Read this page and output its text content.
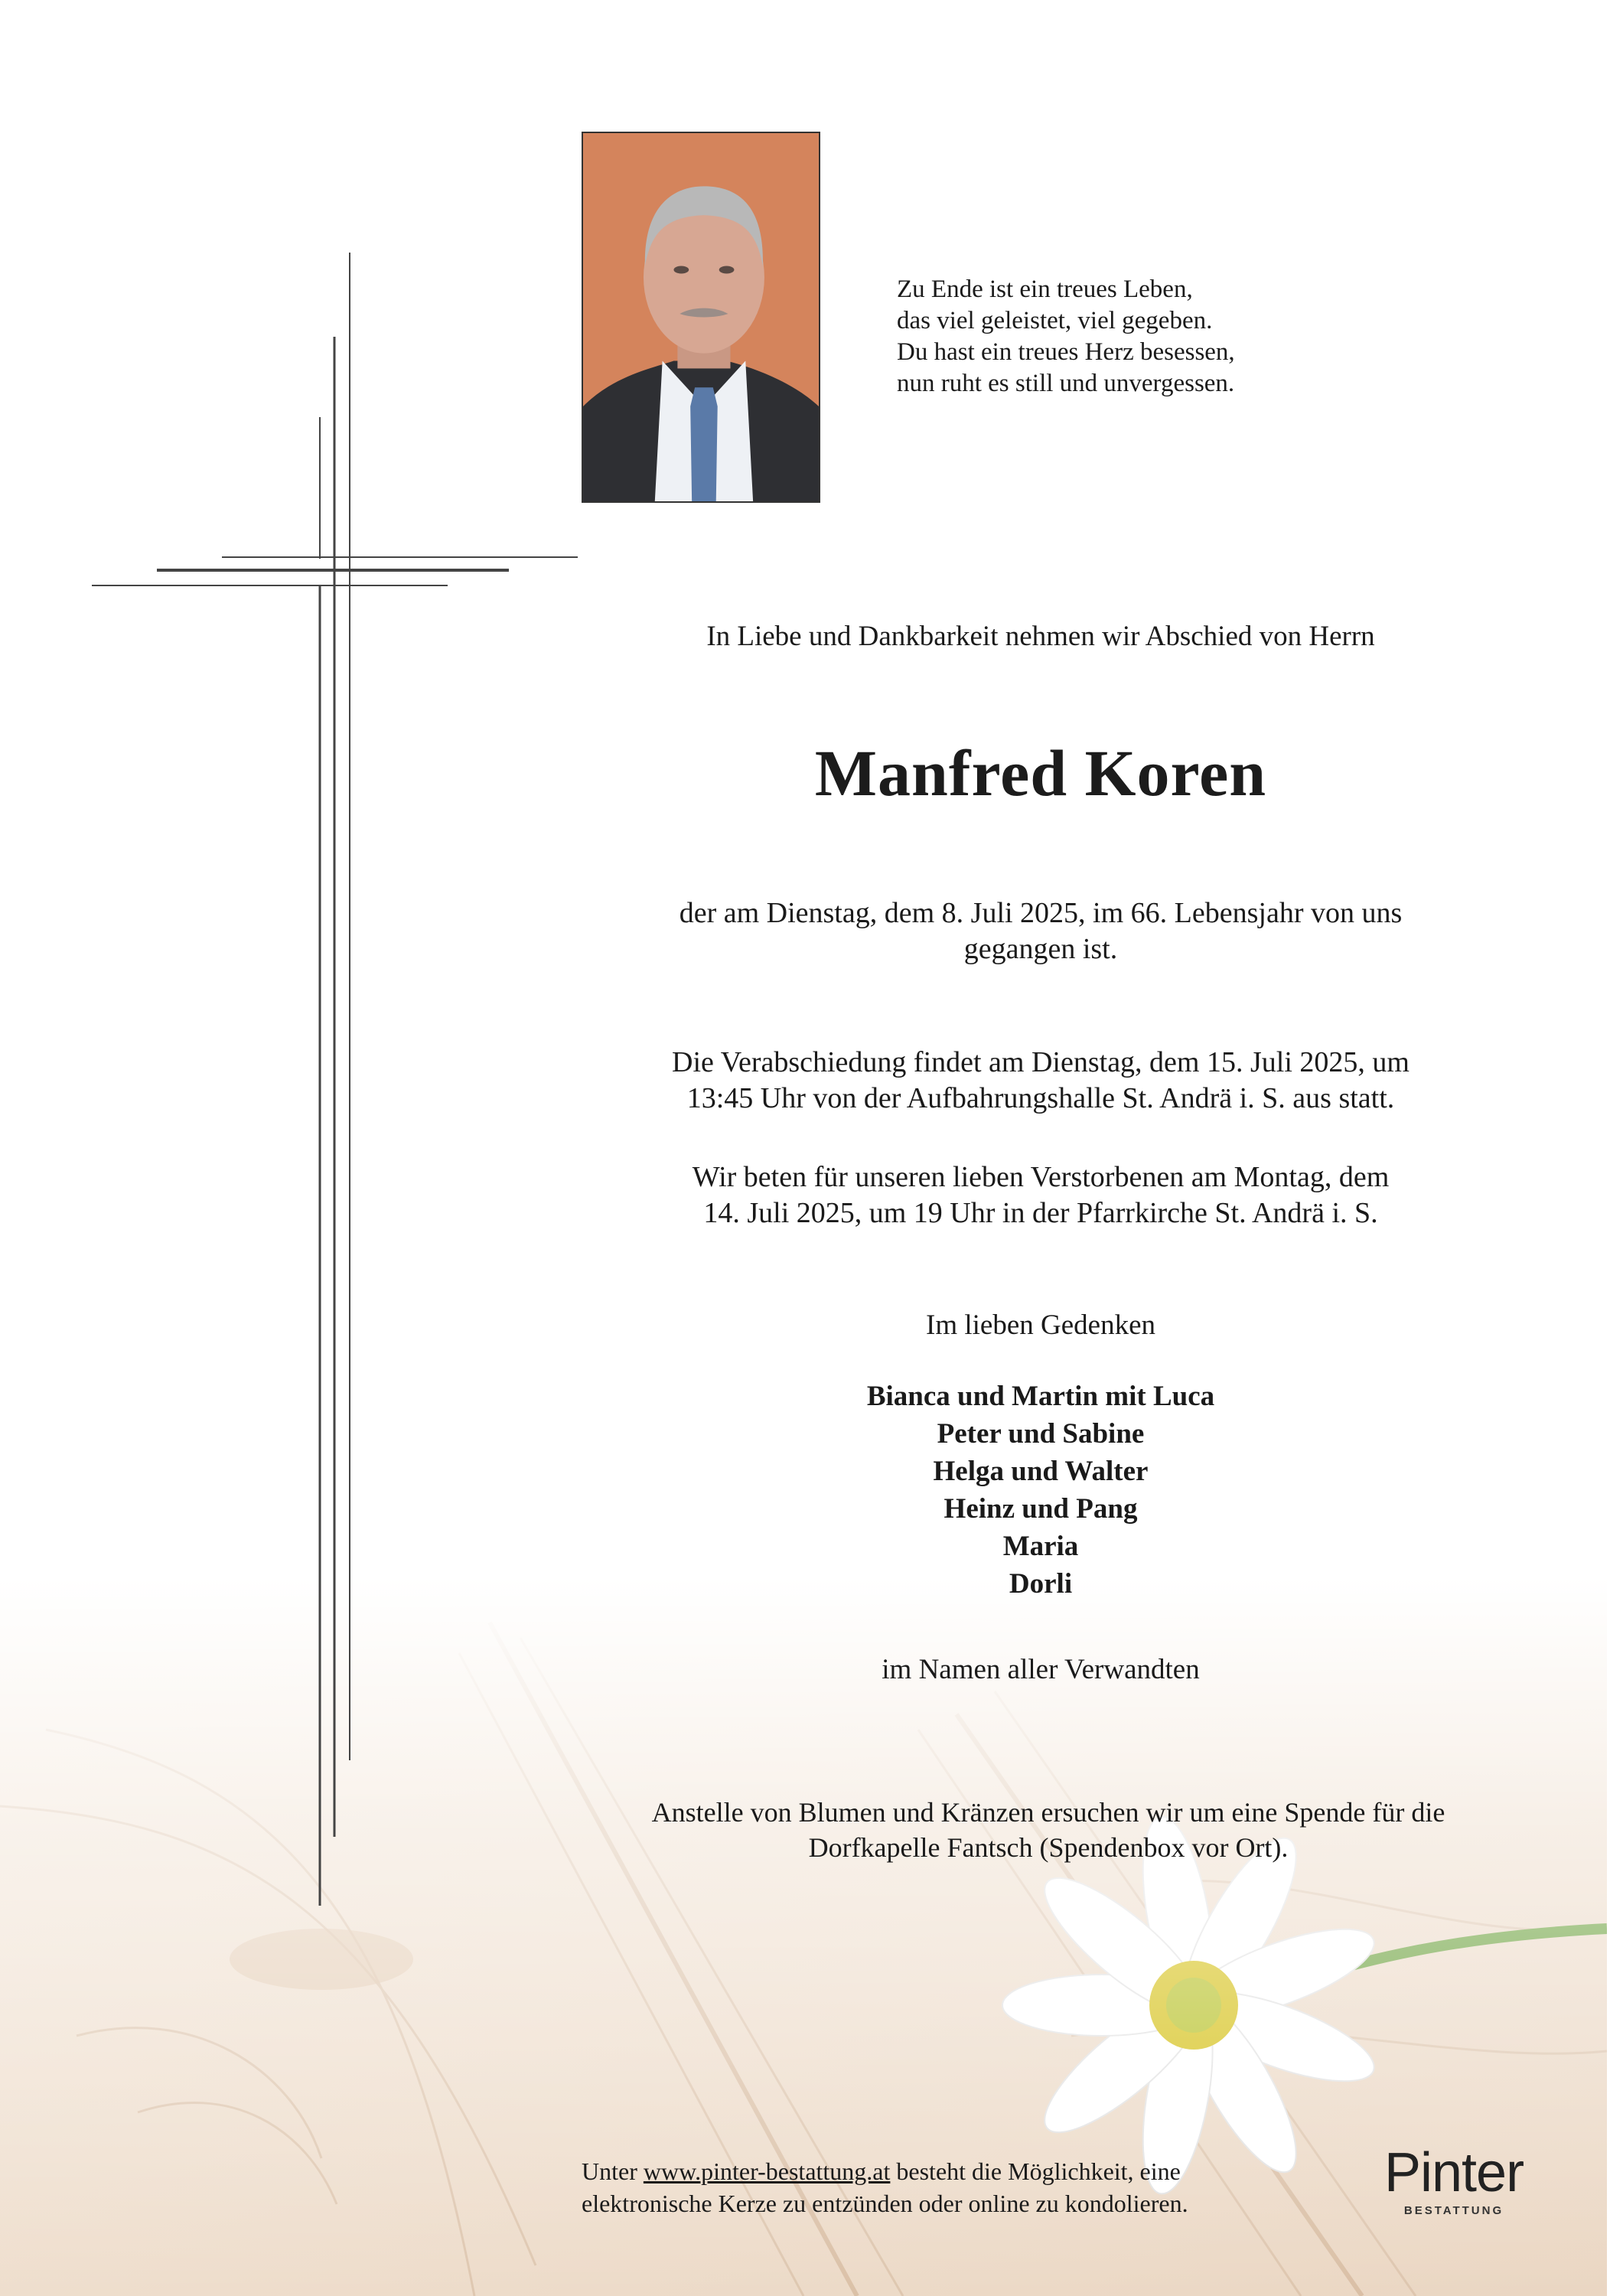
Zu Ende ist ein treues Leben,
das viel geleistet, viel gegeben.
Du hast ein treues Herz besessen,
nun ruht es still und unvergessen.
In Liebe und Dankbarkeit nehmen wir Abschied von Herrn
Manfred Koren
der am Dienstag, dem 8. Juli 2025, im 66. Lebensjahr von uns
gegangen ist.
Die Verabschiedung findet am Dienstag, dem 15. Juli 2025, um
13:45 Uhr von der Aufbahrungshalle St. Andrä i. S. aus statt.
Wir beten für unseren lieben Verstorbenen am Montag, dem
14. Juli 2025, um 19 Uhr in der Pfarrkirche St. Andrä i. S.
Im lieben Gedenken
Bianca und Martin mit Luca
Peter und Sabine
Helga und Walter
Heinz und Pang
Maria
Dorli
im Namen aller Verwandten
Anstelle von Blumen und Kränzen ersuchen wir um eine Spende für die
Dorfkapelle Fantsch (Spendenbox vor Ort).
Unter www.pinter-bestattung.at besteht die Möglichkeit, eine
elektronische Kerze zu entzünden oder online zu kondolieren.	Pinter
BESTATTUNG
